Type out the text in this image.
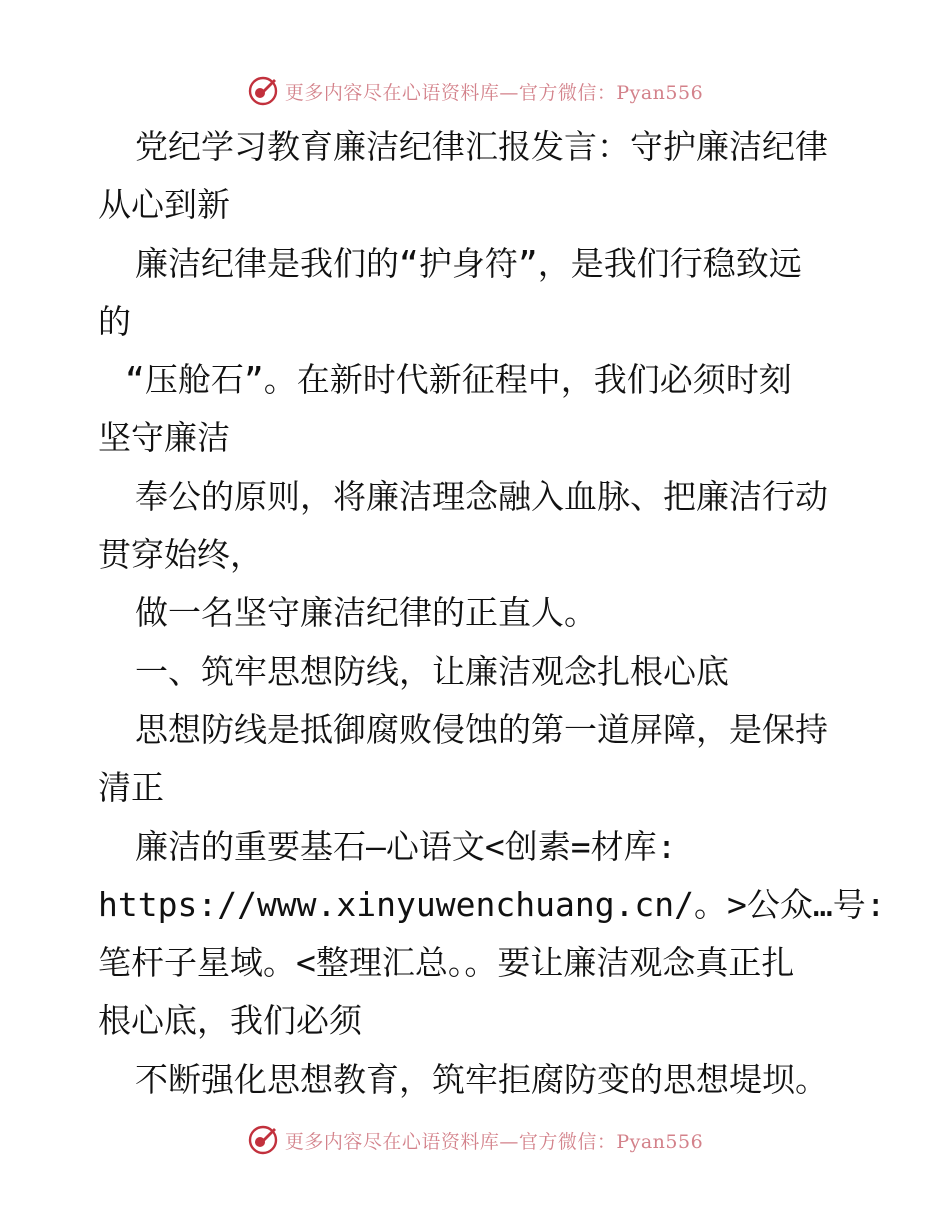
更多内容尽在心语资料库—官方微信：Pyan556
党纪学习教育廉洁纪律汇报发言：守护廉洁纪律
从心到新
廉洁纪律是我们的“护身符”，是我们行稳致远
的
“压舱石”。在新时代新征程中，我们必须时刻
坚守廉洁
奉公的原则，将廉洁理念融入血脉、把廉洁行动
贯穿始终，
做一名坚守廉洁纪律的正直人。
一、筑牢思想防线，让廉洁观念扎根心底
思想防线是抵御腐败侵蚀的第一道屏障，是保持
清正
廉洁的重要基石—心语文<创素=材库:
https://www.xinyuwenchuang.cn/。>公众…号:
笔杆子星域。<整理汇总。。要让廉洁观念真正扎
根心底，我们必须
不断强化思想教育，筑牢拒腐防变的思想堤坝。
更多内容尽在心语资料库—官方微信：Pyan556
